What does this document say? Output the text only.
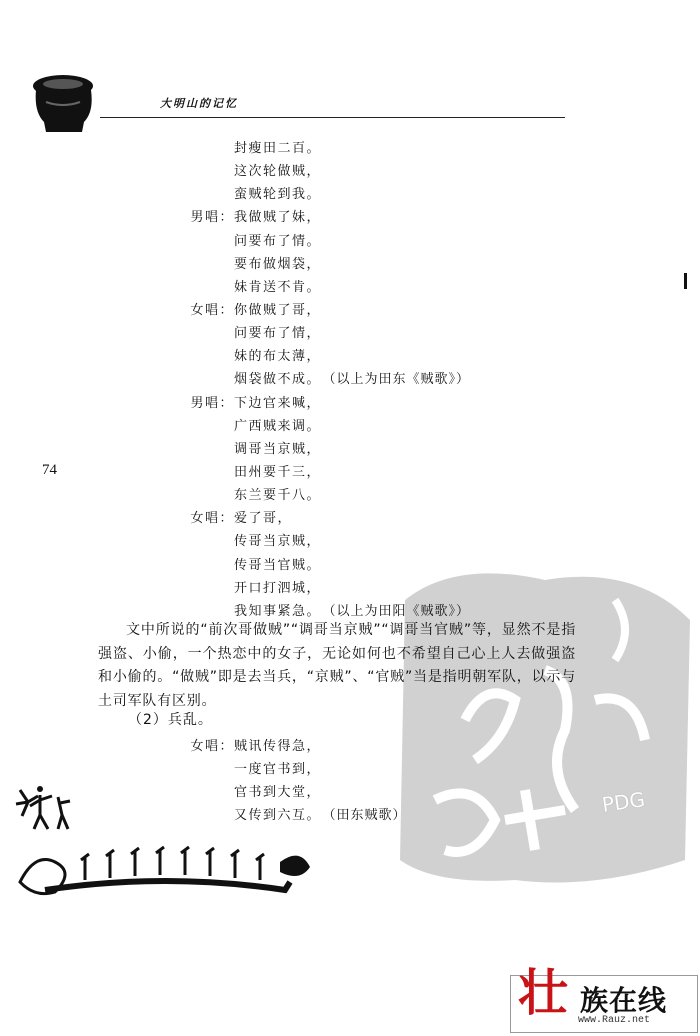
大明山的记忆
74
PDG
封瘦田二百。
这次轮做贼，
蛮贼轮到我。
男唱： 我做贼了妹，
问要布了情。
要布做烟袋，
妹肯送不肯。
女唱： 你做贼了哥，
问要布了情，
妹的布太薄，
烟袋做不成。 （以上为田东《贼歌》）
男唱： 下边官来喊，
广西贼来调。
调哥当京贼，
田州要千三，
东兰要千八。
女唱： 爱了哥，
传哥当京贼，
传哥当官贼。
开口打泗城，
我知事紧急。 （以上为田阳《贼歌》）

文中所说的“前次哥做贼”“调哥当京贼”“调哥当官贼”等，显然不是指强盗、小偷，一个热恋中的女子，无论如何也不希望自己心上人去做强盗和小偷的。“做贼”即是去当兵，“京贼”、“官贼”当是指明朝军队，以示与土司军队有区别。

（2）兵乱。
女唱： 贼讯传得急，
一度官书到，
官书到大堂，
又传到六互。 （田东贼歌）
壮 族在线
www.Rauz.net
